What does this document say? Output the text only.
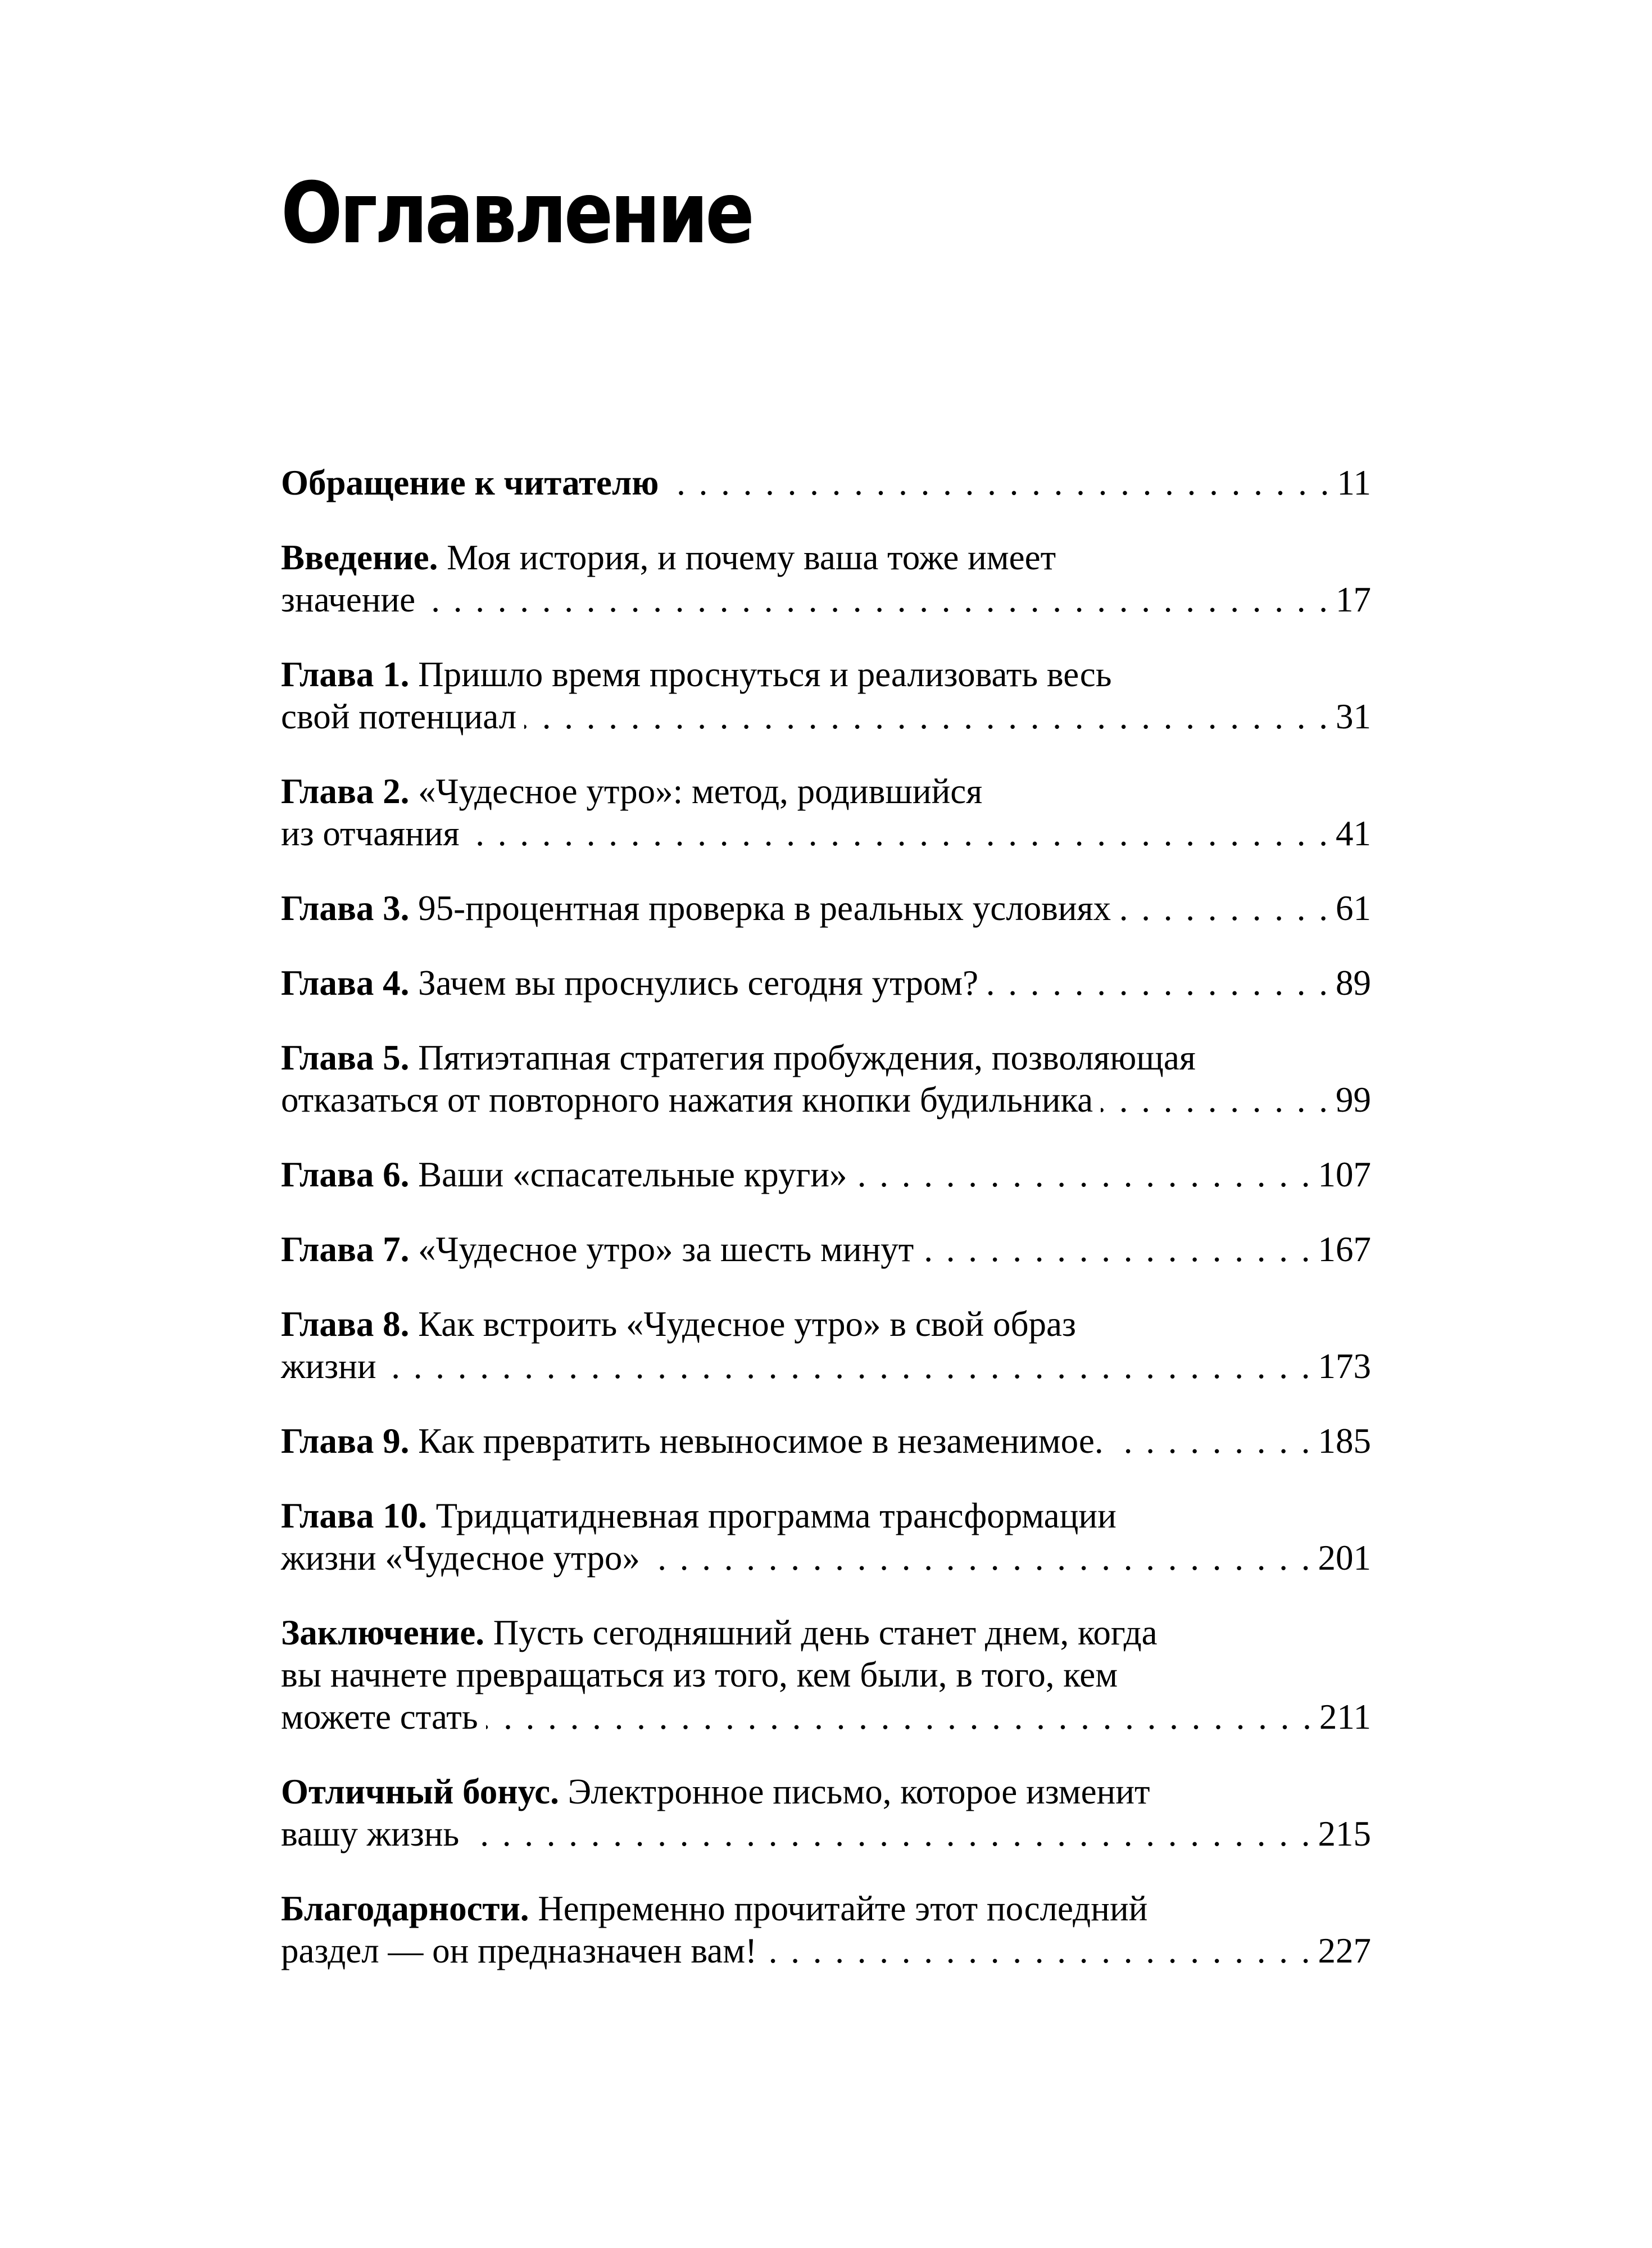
Оглавление
Обращение к читателю . . .	11
Введение. Моя история, и почему ваша тоже имеет
значение . . .	17
Глава 1. Пришло время проснуться и реализовать весь
свой потенциал . . .	31
Глава 2. «Чудесное утро»: метод, родившийся
из отчаяния . . .	41
Глава 3. 95-процентная проверка в реальных условиях . . .	61
Глава 4. Зачем вы проснулись сегодня утром? . . .	89
Глава 5. Пятиэтапная стратегия пробуждения, позволяющая
отказаться от повторного нажатия кнопки будильника . . .	99
Глава 6. Ваши «спасательные круги» . . .	107
Глава 7. «Чудесное утро» за шесть минут . . .	167
Глава 8. Как встроить «Чудесное утро» в свой образ
жизни . . .	173
Глава 9. Как превратить невыносимое в незаменимое. . . .	185
Глава 10. Тридцатидневная программа трансформации
жизни «Чудесное утро» . . .	201
Заключение. Пусть сегодняшний день станет днем, когда
вы начнете превращаться из того, кем были, в того, кем
можете стать . . .	211
Отличный бонус. Электронное письмо, которое изменит
вашу жизнь . . .	215
Благодарности. Непременно прочитайте этот последний
раздел — он предназначен вам! . . .	227
